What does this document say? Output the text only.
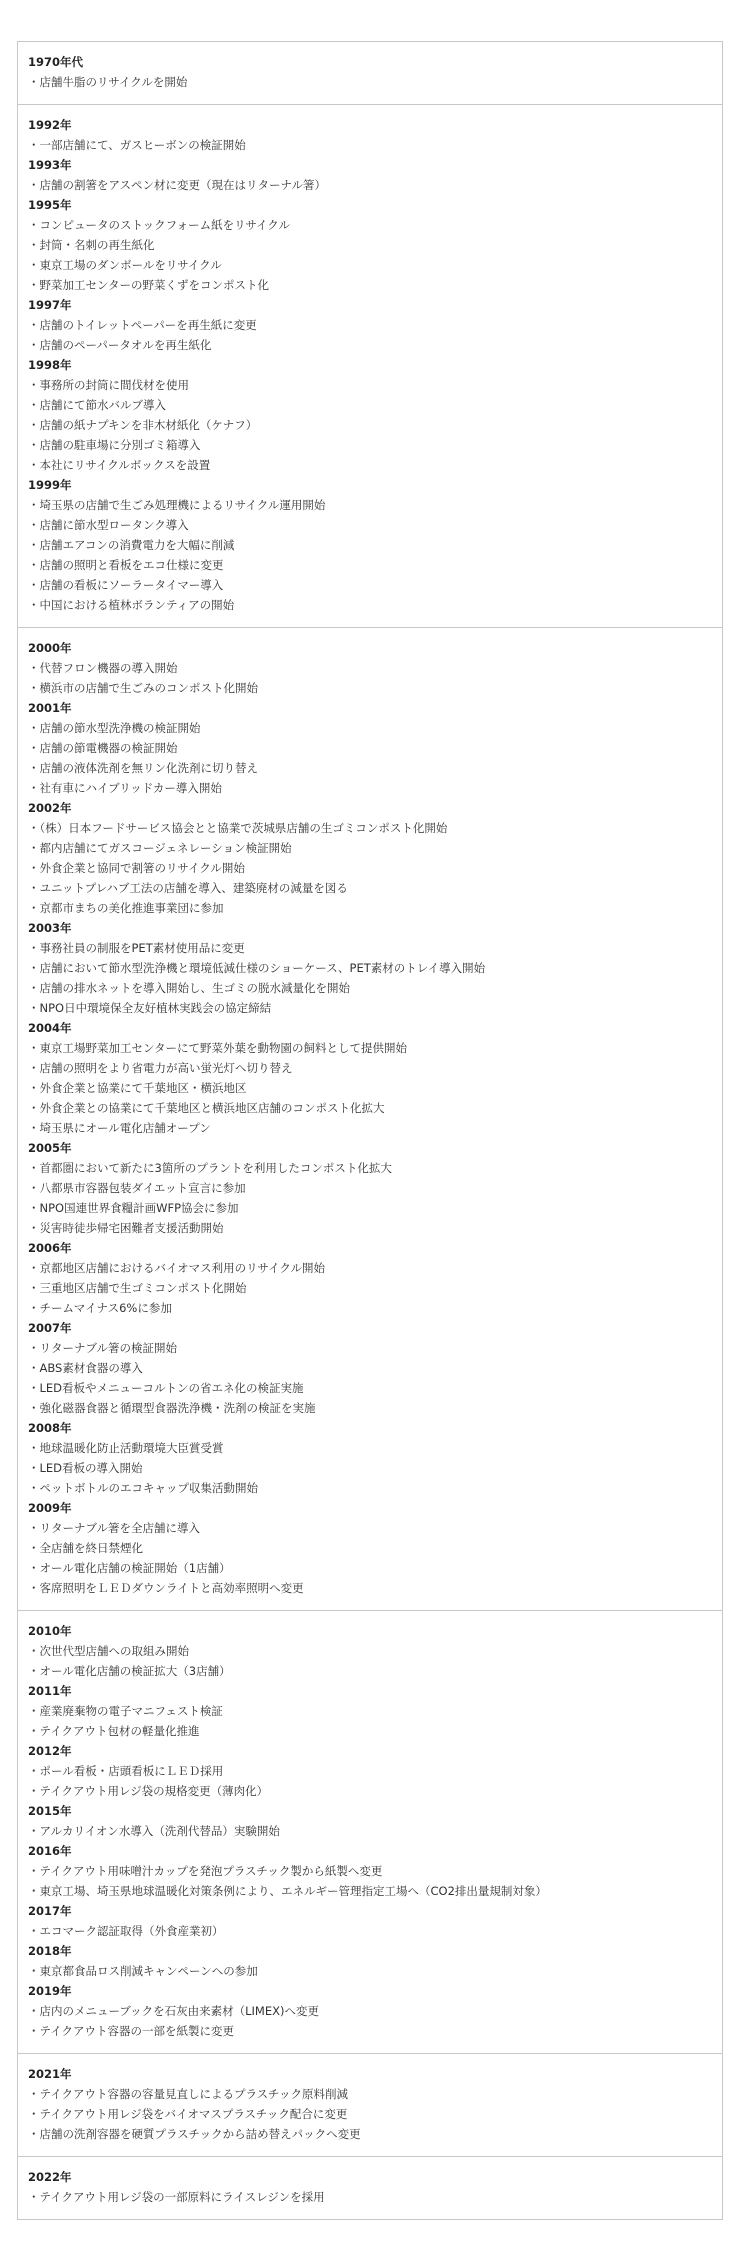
1970年代
・店舗牛脂のリサイクルを開始
1992年
・一部店舗にて、ガスヒーボンの検証開始
1993年
・店舗の割箸をアスペン材に変更（現在はリターナル箸）
1995年
・コンピュータのストックフォーム紙をリサイクル
・封筒・名刺の再生紙化
・東京工場のダンボールをリサイクル
・野菜加工センターの野菜くずをコンポスト化
1997年
・店舗のトイレットペーパーを再生紙に変更
・店舗のペーパータオルを再生紙化
1998年
・事務所の封筒に間伐材を使用
・店舗にて節水バルブ導入
・店舗の紙ナプキンを非木材紙化（ケナフ）
・店舗の駐車場に分別ゴミ箱導入
・本社にリサイクルボックスを設置
1999年
・埼玉県の店舗で生ごみ処理機によるリサイクル運用開始
・店舗に節水型ロータンク導入
・店舗エアコンの消費電力を大幅に削減
・店舗の照明と看板をエコ仕様に変更
・店舗の看板にソーラータイマー導入
・中国における植林ボランティアの開始
2000年
・代替フロン機器の導入開始
・横浜市の店舗で生ごみのコンポスト化開始
2001年
・店舗の節水型洗浄機の検証開始
・店舗の節電機器の検証開始
・店舗の液体洗剤を無リン化洗剤に切り替え
・社有車にハイブリッドカー導入開始
2002年
・（株）日本フードサービス協会とと協業で茨城県店舗の生ゴミコンポスト化開始
・都内店舗にてガスコージェネレーション検証開始
・外食企業と協同で割箸のリサイクル開始
・ユニットプレハブ工法の店舗を導入、建築廃材の減量を図る
・京都市まちの美化推進事業団に参加
2003年
・事務社員の制服をPET素材使用品に変更
・店舗において節水型洗浄機と環境低減仕様のショーケース、PET素材のトレイ導入開始
・店舗の排水ネットを導入開始し、生ゴミの脱水減量化を開始
・NPO日中環境保全友好植林実践会の協定締結
2004年
・東京工場野菜加工センターにて野菜外葉を動物園の飼料として提供開始
・店舗の照明をより省電力が高い蛍光灯へ切り替え
・外食企業と協業にて千葉地区・横浜地区
・外食企業との協業にて千葉地区と横浜地区店舗のコンポスト化拡大
・埼玉県にオール電化店舗オープン
2005年
・首都圏において新たに3箇所のプラントを利用したコンポスト化拡大
・八都県市容器包装ダイエット宣言に参加
・NPO国連世界食糧計画WFP協会に参加
・災害時徒歩帰宅困難者支援活動開始
2006年
・京都地区店舗におけるバイオマス利用のリサイクル開始
・三重地区店舗で生ゴミコンポスト化開始
・チームマイナス6%に参加
2007年
・リターナブル箸の検証開始
・ABS素材食器の導入
・LED看板やメニューコルトンの省エネ化の検証実施
・強化磁器食器と循環型食器洗浄機・洗剤の検証を実施
2008年
・地球温暖化防止活動環境大臣賞受賞
・LED看板の導入開始
・ペットボトルのエコキャップ収集活動開始
2009年
・リターナブル箸を全店舗に導入
・全店舗を終日禁煙化
・オール電化店舗の検証開始（1店舗）
・客席照明をＬＥＤダウンライトと高効率照明へ変更
2010年
・次世代型店舗への取組み開始
・オール電化店舗の検証拡大（3店舗）
2011年
・産業廃棄物の電子マニフェスト検証
・テイクアウト包材の軽量化推進
2012年
・ポール看板・店頭看板にＬＥＤ採用
・テイクアウト用レジ袋の規格変更（薄肉化）
2015年
・アルカリイオン水導入（洗剤代替品）実験開始
2016年
・テイクアウト用味噌汁カップを発泡プラスチック製から紙製へ変更
・東京工場、埼玉県地球温暖化対策条例により、エネルギー管理指定工場へ（CO2排出量規制対象）
2017年
・エコマーク認証取得（外食産業初）
2018年
・東京都食品ロス削減キャンペーンへの参加
2019年
・店内のメニューブックを石灰由来素材（LIMEX)へ変更
・テイクアウト容器の一部を紙製に変更
2021年
・テイクアウト容器の容量見直しによるプラスチック原料削減
・テイクアウト用レジ袋をバイオマスプラスチック配合に変更
・店舗の洗剤容器を硬質プラスチックから詰め替えパックへ変更
2022年
・テイクアウト用レジ袋の一部原料にライスレジンを採用
